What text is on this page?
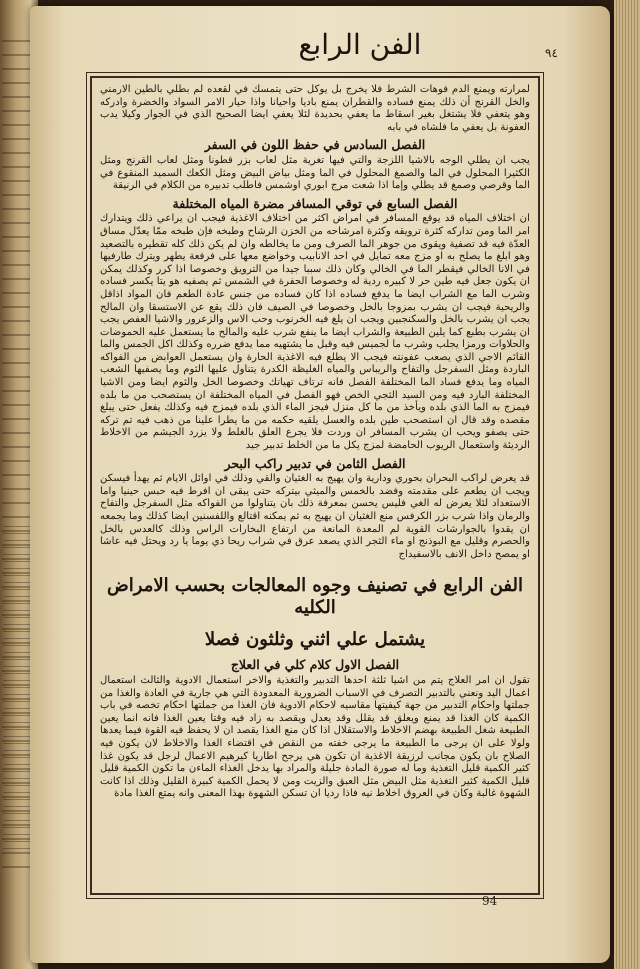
الفن الرابع	٩٤

لمرارته ويمنع الدم فوهات الشرط فلا يخرج بل يوكل حتى يتمسك في لقعده لم بطلي بالطين الارمني والخل القرنج أن ذلك يمنع فساده والقطران يمنع باديا واحيانا واذا حيار الامر السواد والخضرة وادركه وهو يتعفي فلا يشتغل بغير اسقاط ما يعفي بحديدة لئلا يعفي ايضا الصحيح الذي في الجوار وكيلا يدب العفونة بل يعفي ما فلشاه في بابه

الفصل السادس في حفظ اللون في السفر

يجب ان يطلي الوجه بالاشيا اللزجة والتي فيها تغرية مثل لعاب بزر قطونا ومثل لعاب القرنج ومثل الكثيرا المحلول في الما والصمغ المحلول في الما ومثل بياض البيض ومثل الكعك السميد المنقوع في الما وقرصي وصمغ قد يطلي وإما اذا شعت مرج ابوري اوشمس فاطلب تدبيره من الكلام في الرنيقة

الفصل السابع في توقي المسافر مضرة المياه المختلفة

ان اختلاف المياه قد يوقع المسافر في امراض اكثر من اختلاف الاغذية فيجب ان يراعي ذلك ويتدارك امر الما ومن تداركه كثرة ترويقه وكثرة امرشاحه من الخزن الرشاح وطبخه فإن طبخه ممّا يعدّل مساق العدّة فيه قد تصفية ويقوى من جوهر الما الصرف ومن ما يخالطه وان لم يكن ذلك كله تقطيره بالتصعيد وهو ابلغ ما يصلح به او مزج معه تمايل في احد الانابيب وخواضع معها على فرفعة يطهر ويترك طارفيها في الانا الخالي فيقطر الما في الخالي وكان ذلك سببا جيدا من الترويق وخصوصا اذا كرر وكذلك يمكن ان يكون جعل فيه طين حر لا كبيره ردية له وخصوصا الحفرة في الشمس ثم يصفيه هو يتا يكسر فساده وشرب الما مع الشراب ايضا ما يدفع فساده اذا كان فساده من جنس عادة الطعم فان المواد اذاقل والريحية فيجب ان يشرب بمزوجا بالخل وخصوصا في الصيف فان ذلك يقع عن الاستسقا وان المالح يجب ان يشرب بالخل والسكنجبين ويجب ان يلغ فيه الخرنوب وحب الاس والزعرور والاشيا العفص يجب ان يشرب بطبع كما يلين الطبيعة والشراب ايضا ما ينفع شرب عليه والمالح ما يستعمل عليه الحموضات والحلاوات ورمزا يجلب وشرب ما لجميس فيه وقبل ما يشتهيه مما يدفع ضرره وكذلك اكل الجمس والما القائم الاجي الذي يصعب عفونته فيجب الا يطلع فيه الاغذية الحارة وان يستعمل العوابض من الفواكه الباردة ومثل السفرجل والتفاح والريباس والمياه الغليظة الكدرة يتناول عليها الثوم وما يصفيها الشعب المياه وما يدفع فساد الما المختلفة الفصل فانه ترتاف تهياتك وخصوصا الخل والثوم ايضا ومن الاشيا المختلفة البارد فيه ومن السيد الثجي الخص فهو الفصل في المياه المختلفة ان يستصحب من ما بلده فيمزج به الما الذي بلده ويأخذ من ما كل منزل فيجز الماء الذي بلده فيمزج فيه وكذلك يفعل حتى يبلغ مقصده وقد قال ان استصحب طين بلده والعسل يلقيه حكمه من ما يطرا علينا من ذهب فيه تم تركه حتى يصفو ويحب ان يشرب المسافر ان وردت فلا يجرع العلق بالغلط ولا يزرد الجيشم من الاخلاط الرديئة واستعمال الريوب الحامضة لمزج يكل ما من الخلط تدبير جيد

الفصل الثامن في تدبير راكب البحر

قد يعرض لراكب البحران بحوري ودارية وان يهيج به الغثيان والقي وذلك في اوائل الايام ثم يهدأ فيسكن ويجب ان يطعم على مقدمته وفضد بالخمس والميثي بيتركه حتى يبقى ان افرط فيه حبس حينيا واما الاستعداد لئلا يعرض له الغي فليس يحسن بمعرفة ذلك بان يتناولوا من الفواكه مثل السفرجل والتفاح والرمان واذا شرب بزر الكرفس منع الغثيان ان يهيج به ثم يمكنه اقتالع واللفسنين ايضا كذلك وما يجمعه ان يقدوا بالجوارشات القوية لم المعدة المانعة من ارتفاع البخارات الراس وذلك كالعدس بالخل والحصرم وقليل مع البوذنج او ماء الثجر الذي يصعد عرق في شراب ريحا ذي يوما يا رد ويحتل فيه عاشا او يمصح داخل الانف بالاسفيداج

الفن الرابع في تصنيف وجوه المعالجات بحسب الامراض الكليه
يشتمل علي اثني وثلثون فصلا
الفصل الاول كلام كلي في العلاج

تقول ان امر العلاج يتم من اشيا ثلثة احدها التدبير والتغذية والاخر استعمال الادوية والثالث استعمال اعمال اليد ونعني بالتدبير التصرف في الاسباب الضرورية المعدودة التي هي جارية في العادة والغذا من جملتها واحكام التدبير من جهة كيفيتها مقاسيه لاحكام الادوية فان الغذا من جملتها احكام تخصه في باب الكمية كان الغذا قد يمنع ويعلق قد يقلل وقد يعدل ويقصد به زاد فيه وقتا يعين الغذا فانه انما يعين الطبيعة شغل الطبيعة بهضم الاخلاط والاستقلال اذا كان منع الغذا يقصد ان لا يحفظ فيه القوة فيما يعدها ولولا على ان يرجى ما الطبيعة ما يرجى خفته من النقص في اقتضاء الغذا والاخلاط لان يكون فيه الصلاح بان يكون مجانب لرزيقة الاغذية ان تكون هي يرجح اطاريا كيرهيم الاعمال لرجل قد يكون غذا كثير الكمية قليل التغذية وما له صورة المادة جليلة والمراد بها يدخل الغذاء الماءن ما تكون الكمية قليل قليل الكمية كثير التغذية مثل البيض مثل العبق والزيت ومن لا يحمل الكمية كبيرة القليل وذلك اذا كانت الشهوة غالبة وكان في العروق اخلاط نيه فاذا رديا ان تسكن الشهوة بهذا المعنى وانه يمتع الغذا مادة

94
